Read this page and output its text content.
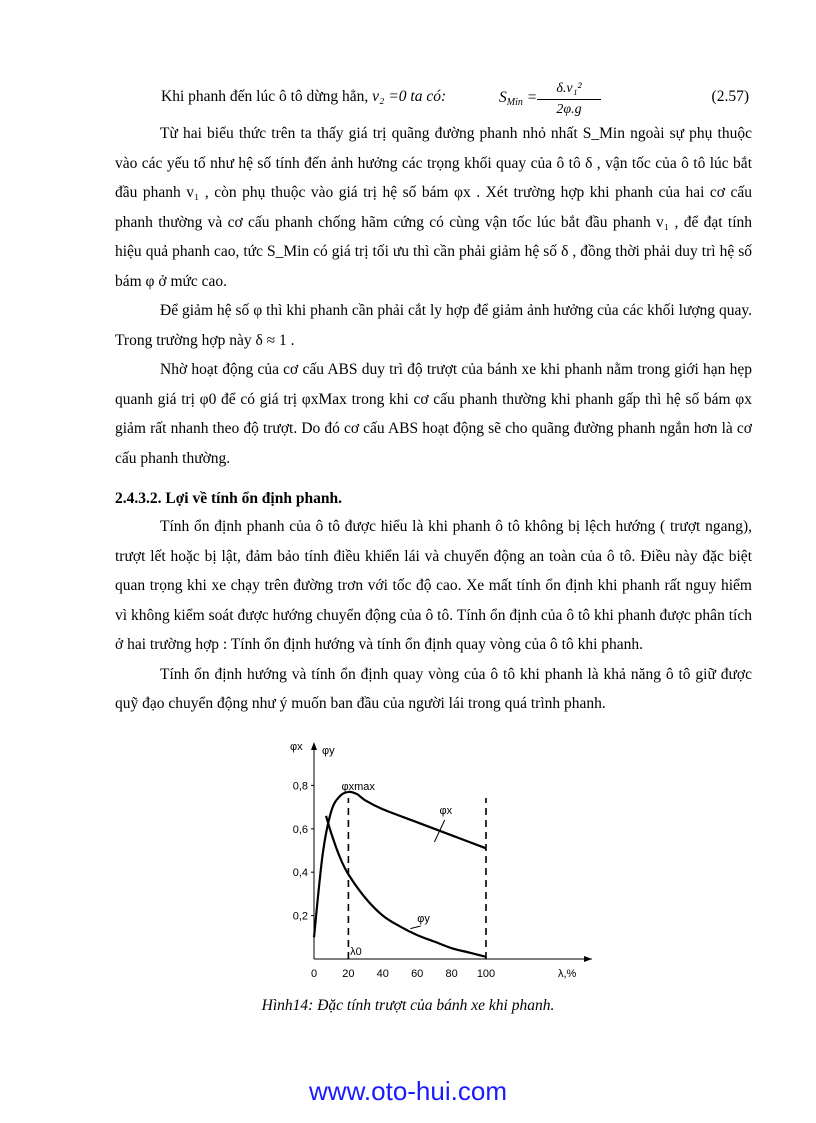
Khi phanh đến lúc ô tô dừng hẳn, v₂ =0 ta có:	$S_{Min}$ =
δ.v₁²
2φ.g
(2.57)

Từ hai biểu thức trên ta thấy giá trị quãng đường phanh nhỏ nhất S_Min ngoài sự phụ thuộc vào các yếu tố như hệ số tính đến ảnh hưởng các trọng khối quay của ô tô δ , vận tốc của ô tô lúc bắt đầu phanh v₁ , còn phụ thuộc vào giá trị hệ số bám φx . Xét trường hợp khi phanh của hai cơ cấu phanh thường và cơ cấu phanh chống hãm cứng có cùng vận tốc lúc bắt đầu phanh v₁ , để đạt tính hiệu quả phanh cao, tức S_Min có giá trị tối ưu thì cần phải giảm hệ số δ , đồng thời phải duy trì hệ số bám φ ở mức cao.

Để giảm hệ số φ thì khi phanh cần phải cắt ly hợp để giảm ảnh hưởng của các khối lượng quay. Trong trường hợp này δ ≈ 1 .

Nhờ hoạt động của cơ cấu ABS duy trì độ trượt của bánh xe khi phanh nằm trong giới hạn hẹp quanh giá trị φ0 để có giá trị φxMax trong khi cơ cấu phanh thường khi phanh gấp thì hệ số bám φx giảm rất nhanh theo độ trượt. Do đó cơ cấu ABS hoạt động sẽ cho quãng đường phanh ngắn hơn là cơ cấu phanh thường.

2.4.3.2. Lợi về tính ổn định phanh.

Tính ổn định phanh của ô tô được hiểu là khi phanh ô tô không bị lệch hướng ( trượt ngang), trượt lết hoặc bị lật, đảm bảo tính điều khiển lái và chuyển động an toàn của ô tô. Điều này đặc biệt quan trọng khi xe chạy trên đường trơn với tốc độ cao. Xe mất tính ổn định khi phanh rất nguy hiểm vì không kiểm soát được hướng chuyển động của ô tô. Tính ổn định của ô tô khi phanh được phân tích ở hai trường hợp : Tính ổn định hướng và tính ổn định quay vòng của ô tô khi phanh.

Tính ổn định hướng và tính ổn định quay vòng của ô tô khi phanh là khả năng ô tô giữ được quỹ đạo chuyển động như ý muốn ban đầu của người lái trong quá trình phanh.

0,2
0,4
0,6
0,8
0 20 40 60 80 100	λ,%
φx φy
φxmax
λ0
φx
φy
Hình14: Đặc tính trượt của bánh xe khi phanh.
www.oto-hui.com
